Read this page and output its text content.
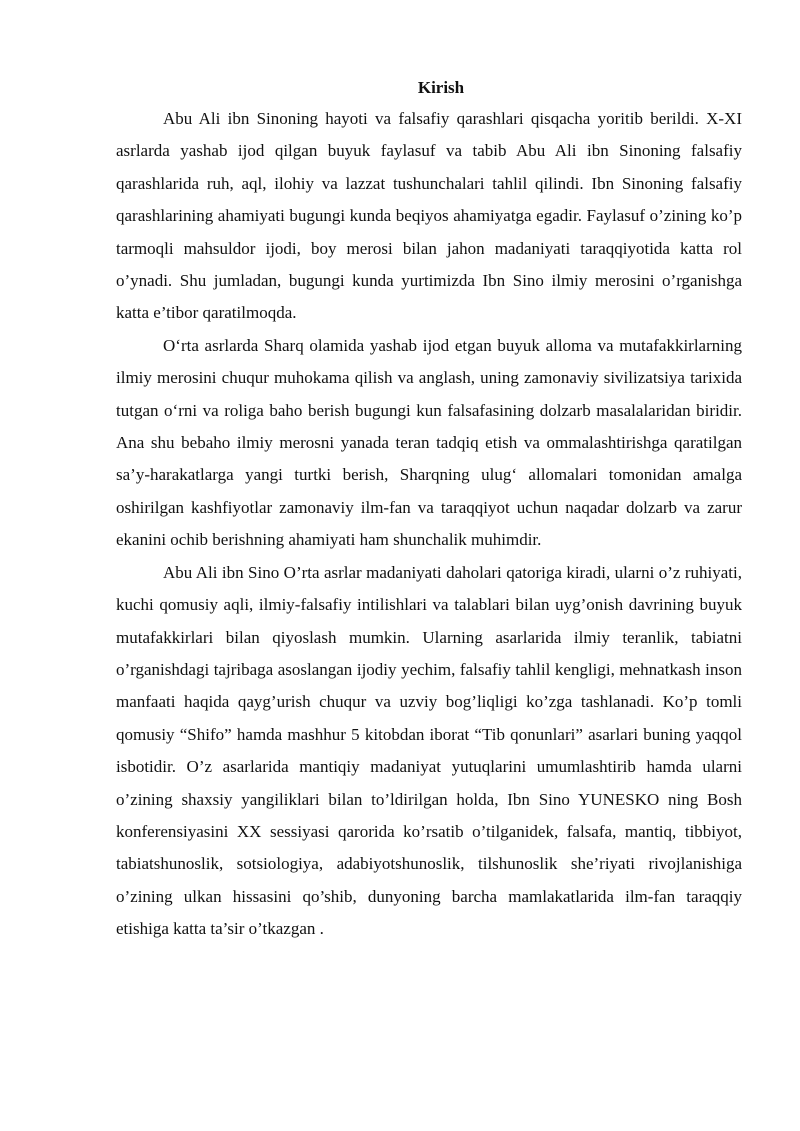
Kirish

Abu Ali ibn Sinoning hayoti va falsafiy qarashlari qisqacha yoritib berildi. X-XI asrlarda yashab ijod qilgan buyuk faylasuf va tabib Abu Ali ibn Sinoning falsafiy qarashlarida ruh, aql, ilohiy va lazzat tushunchalari tahlil qilindi. Ibn Sinoning falsafiy qarashlarining ahamiyati bugungi kunda beqiyos ahamiyatga egadir. Faylasuf o’zining ko’p tarmoqli mahsuldor ijodi, boy merosi bilan jahon madaniyati taraqqiyotida katta rol o’ynadi. Shu jumladan, bugungi kunda yurtimizda Ibn Sino ilmiy merosini o’rganishga katta e’tibor qaratilmoqda.

O‘rta asrlarda Sharq olamida yashab ijod etgan buyuk alloma va mutafakkirlarning ilmiy merosini chuqur muhokama qilish va anglash, uning zamonaviy sivilizatsiya tarixida tutgan o‘rni va roliga baho berish bugungi kun falsafasining dolzarb masalalaridan biridir. Ana shu bebaho ilmiy merosni yanada teran tadqiq etish va ommalashtirishga qaratilgan sa’y-harakatlarga yangi turtki berish, Sharqning ulug‘ allomalari tomonidan amalga oshirilgan kashfiyotlar zamonaviy ilm-fan va taraqqiyot uchun naqadar dolzarb va zarur ekanini ochib berishning ahamiyati ham shunchalik muhimdir.

Abu Ali ibn Sino O’rta asrlar madaniyati daholari qatoriga kiradi, ularni o’z ruhiyati, kuchi qomusiy aqli, ilmiy-falsafiy intilishlari va talablari bilan uyg’onish davrining buyuk mutafakkirlari bilan qiyoslash mumkin. Ularning asarlarida ilmiy teranlik, tabiatni o’rganishdagi tajribaga asoslangan ijodiy yechim, falsafiy tahlil kengligi, mehnatkash inson manfaati haqida qayg’urish chuqur va uzviy bog’liqligi ko’zga tashlanadi. Ko’p tomli qomusiy “Shifo” hamda mashhur 5 kitobdan iborat “Tib qonunlari” asarlari buning yaqqol isbotidir. O’z asarlarida mantiqiy madaniyat yutuqlarini umumlashtirib hamda ularni o’zining shaxsiy yangiliklari bilan to’ldirilgan holda, Ibn Sino YUNESKO ning Bosh konferensiyasini XX sessiyasi qarorida ko’rsatib o’tilganidek, falsafa, mantiq, tibbiyot, tabiatshunoslik, sotsiologiya, adabiyotshunoslik, tilshunoslik she’riyati rivojlanishiga o’zining ulkan hissasini qo’shib, dunyoning barcha mamlakatlarida ilm-fan taraqqiy etishiga katta ta’sir o’tkazgan .
